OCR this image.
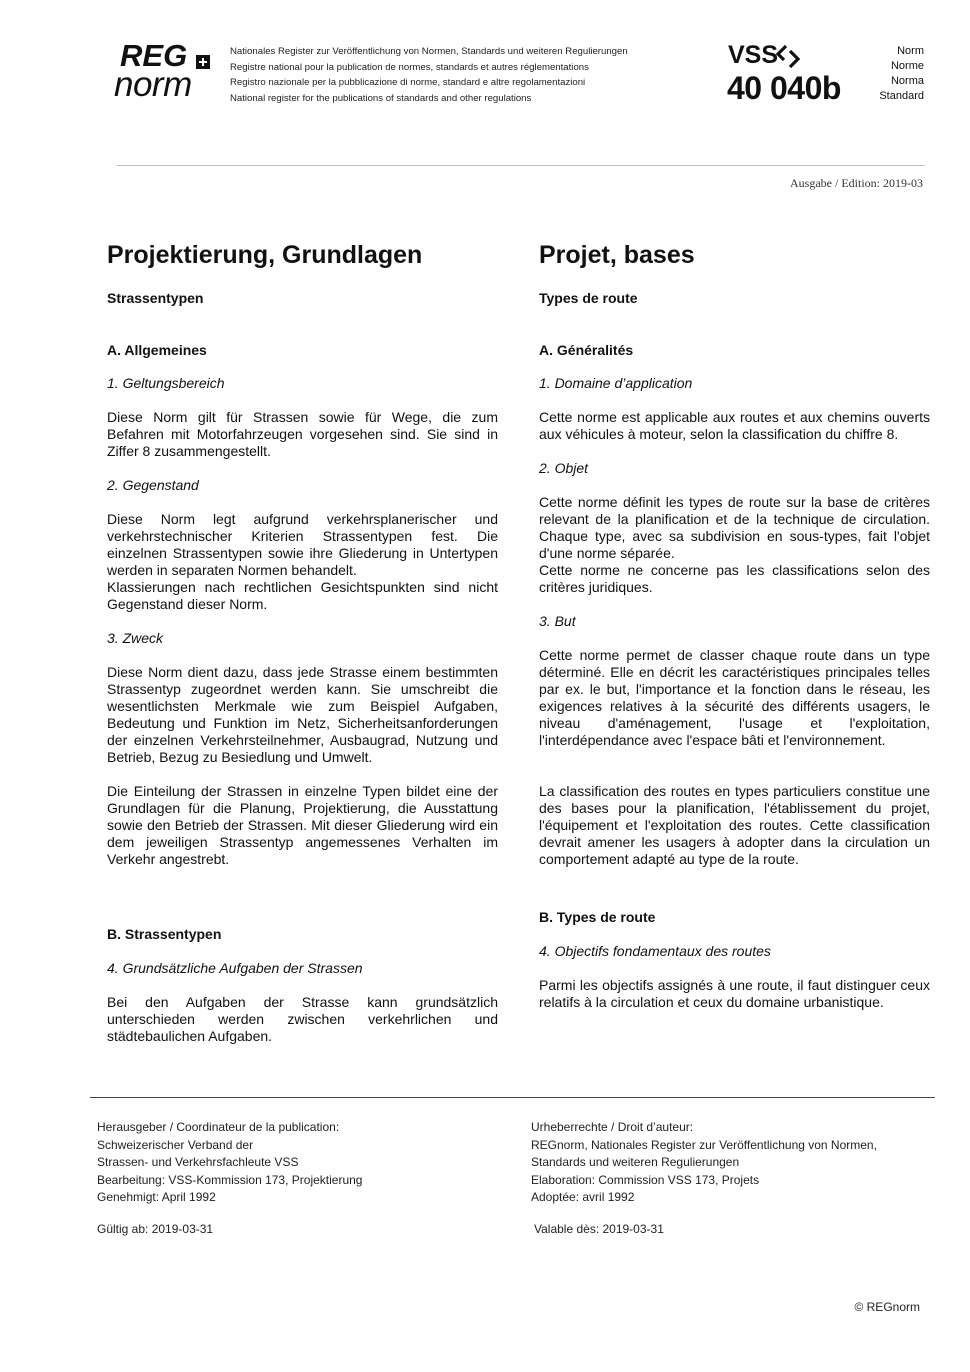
REG
norm
Nationales Register zur Veröffentlichung von Normen, Standards und weiteren Regulierungen
Registre national pour la publication de normes, standards et autres réglementations
Registro nazionale per la pubblicazione di norme, standard e altre regolamentazioni
National register for the publications of standards and other regulations
VSS
40 040b
Norm
Norme
Norma
Standard
Ausgabe / Edition: 2019-03
Projektierung, Grundlagen
Strassentypen
A. Allgemeines
1. Geltungsbereich

Diese Norm gilt für Strassen sowie für Wege, die zum Befahren mit Motorfahrzeugen vorgesehen sind. Sie sind in Ziffer 8 zusammengestellt.

2. Gegenstand

Diese Norm legt aufgrund verkehrsplanerischer und verkehrstechnischer Kriterien Strassentypen fest. Die einzelnen Strassentypen sowie ihre Gliederung in Untertypen werden in separaten Normen behandelt.

Klassierungen nach rechtlichen Gesichtspunkten sind nicht Gegenstand dieser Norm.

3. Zweck

Diese Norm dient dazu, dass jede Strasse einem bestimmten Strassentyp zugeordnet werden kann. Sie umschreibt die wesentlichsten Merkmale wie zum Beispiel Aufgaben, Bedeutung und Funktion im Netz, Sicherheitsanforderungen der einzelnen Verkehrsteilnehmer, Ausbaugrad, Nutzung und Betrieb, Bezug zu Besiedlung und Umwelt.

Die Einteilung der Strassen in einzelne Typen bildet eine der Grundlagen für die Planung, Projektierung, die Ausstattung sowie den Betrieb der Strassen. Mit dieser Gliederung wird ein dem jeweiligen Strassentyp angemessenes Verhalten im Verkehr angestrebt.

B. Strassentypen
4. Grundsätzliche Aufgaben der Strassen

Bei den Aufgaben der Strasse kann grundsätzlich unterschieden werden zwischen verkehrlichen und städtebaulichen Aufgaben.

Projet, bases
Types de route
A. Généralités
1. Domaine d’application

Cette norme est applicable aux routes et aux chemins ouverts aux véhicules à moteur, selon la classification du chiffre 8.

2. Objet

Cette norme définit les types de route sur la base de critères relevant de la planification et de la technique de circulation. Chaque type, avec sa subdivision en sous-types, fait l'objet d'une norme séparée.

Cette norme ne concerne pas les classifications selon des critères juridiques.

3. But

Cette norme permet de classer chaque route dans un type déterminé. Elle en décrit les caractéristiques principales telles par ex. le but, l'importance et la fonction dans le réseau, les exigences relatives à la sécurité des différents usagers, le niveau d'aménagement, l'usage et l'exploitation, l'interdépendance avec l'espace bâti et l'environnement.

La classification des routes en types particuliers constitue une des bases pour la planification, l'établissement du projet, l'équipement et l'exploitation des routes. Cette classification devrait amener les usagers à adopter dans la circulation un comportement adapté au type de la route.

B. Types de route
4. Objectifs fondamentaux des routes

Parmi les objectifs assignés à une route, il faut distinguer ceux relatifs à la circulation et ceux du domaine urbanistique.

Herausgeber / Coordinateur de la publication:
Schweizerischer Verband der
Strassen- und Verkehrsfachleute VSS
Bearbeitung: VSS-Kommission 173, Projektierung
Genehmigt: April 1992
Urheberrechte / Droit d’auteur:
REGnorm, Nationales Register zur Veröffentlichung von Normen,
Standards und weiteren Regulierungen
Elaboration: Commission VSS 173, Projets
Adoptée: avril 1992
Gültig ab: 2019-03-31	Valable dès: 2019-03-31
© REGnorm
